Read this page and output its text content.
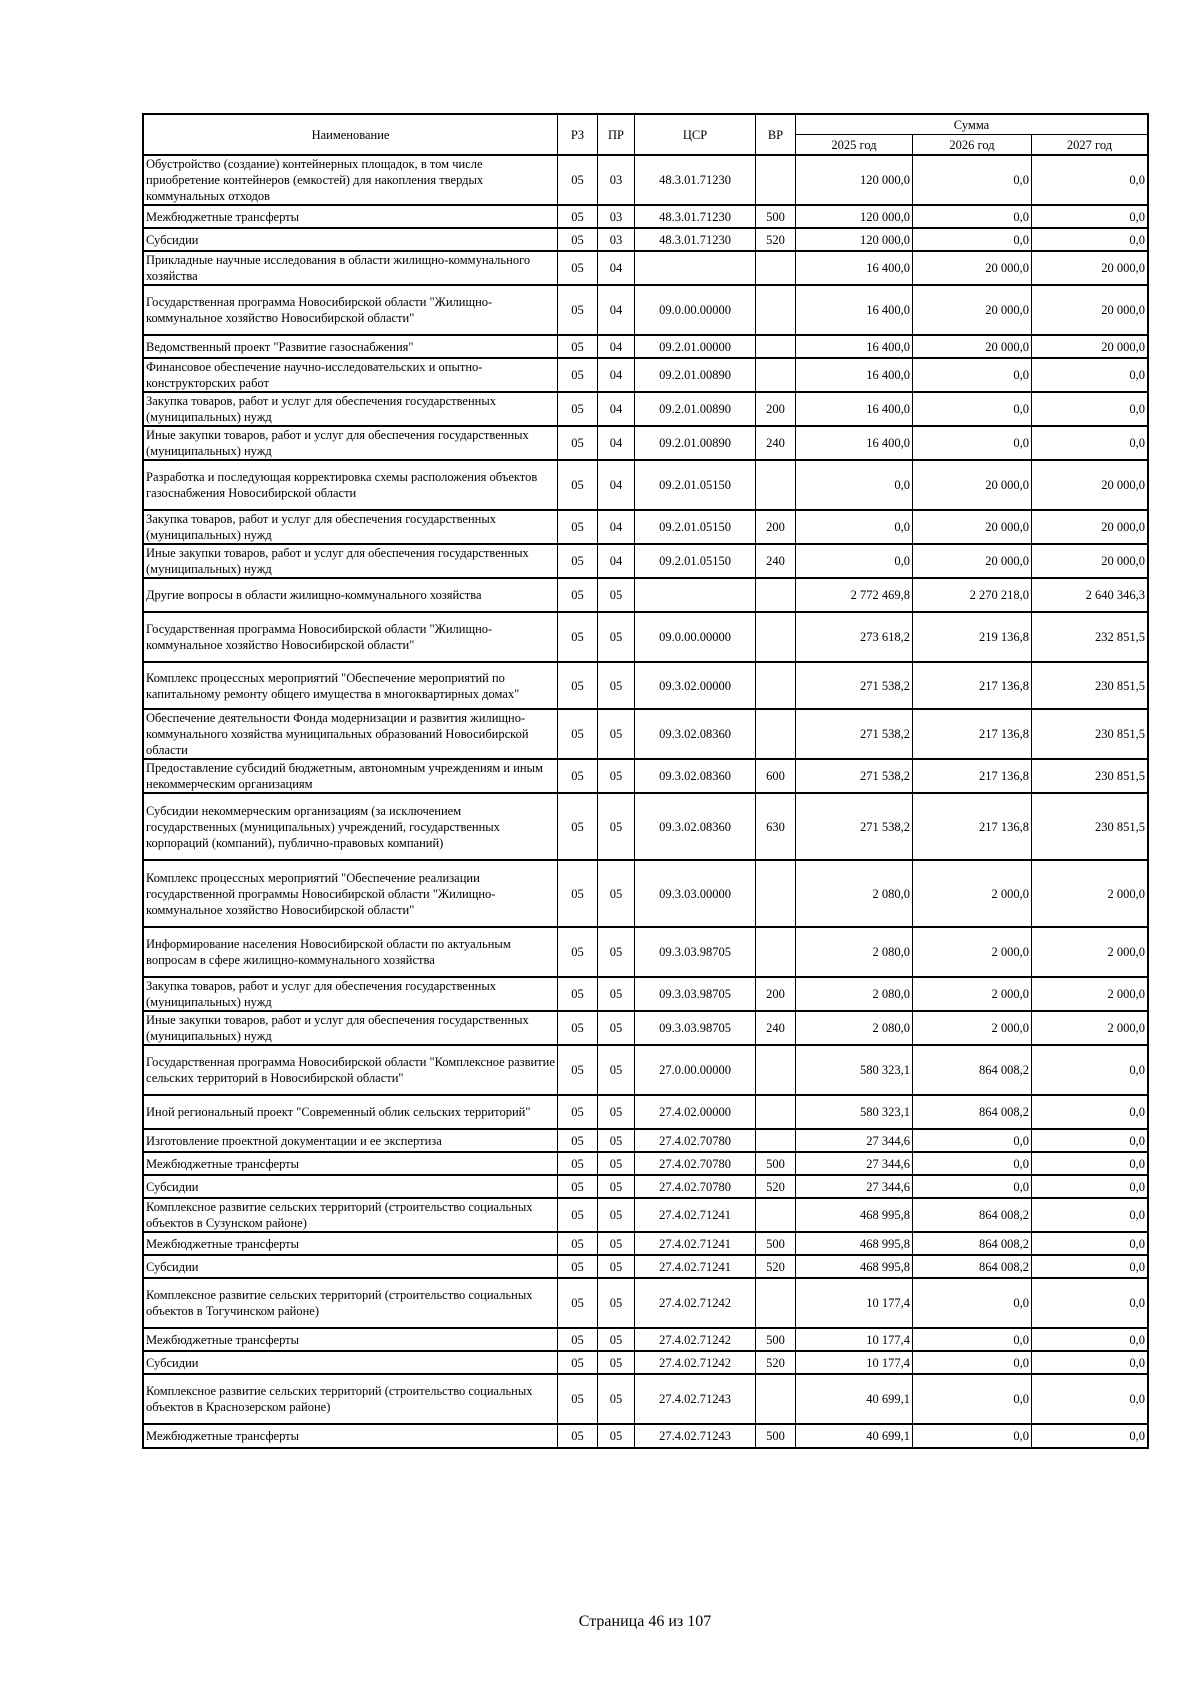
Наименование	РЗ	ПР	ЦСР	ВР	Сумма		
					2025 год	2026 год	2027 год
Обустройство (создание) контейнерных площадок, в том числе приобретение контейнеров (емкостей) для накопления твердых коммунальных отходов	05	03	48.3.01.71230		120 000,0	0,0	0,0
Межбюджетные трансферты	05	03	48.3.01.71230	500	120 000,0	0,0	0,0
Субсидии	05	03	48.3.01.71230	520	120 000,0	0,0	0,0
Прикладные научные исследования в области жилищно-коммунального хозяйства	05	04			16 400,0	20 000,0	20 000,0
Государственная программа Новосибирской области "Жилищно-коммунальное хозяйство Новосибирской области"	05	04	09.0.00.00000		16 400,0	20 000,0	20 000,0
Ведомственный проект "Развитие газоснабжения"	05	04	09.2.01.00000		16 400,0	20 000,0	20 000,0
Финансовое обеспечение научно-исследовательских и опытно-конструкторских работ	05	04	09.2.01.00890		16 400,0	0,0	0,0
Закупка товаров, работ и услуг для обеспечения государственных (муниципальных) нужд	05	04	09.2.01.00890	200	16 400,0	0,0	0,0
Иные закупки товаров, работ и услуг для обеспечения государственных (муниципальных) нужд	05	04	09.2.01.00890	240	16 400,0	0,0	0,0
Разработка и последующая корректировка схемы расположения объектов газоснабжения Новосибирской области	05	04	09.2.01.05150		0,0	20 000,0	20 000,0
Закупка товаров, работ и услуг для обеспечения государственных (муниципальных) нужд	05	04	09.2.01.05150	200	0,0	20 000,0	20 000,0
Иные закупки товаров, работ и услуг для обеспечения государственных (муниципальных) нужд	05	04	09.2.01.05150	240	0,0	20 000,0	20 000,0
Другие вопросы в области жилищно-коммунального хозяйства	05	05			2 772 469,8	2 270 218,0	2 640 346,3
Государственная программа Новосибирской области "Жилищно-коммунальное хозяйство Новосибирской области"	05	05	09.0.00.00000		273 618,2	219 136,8	232 851,5
Комплекс процессных мероприятий "Обеспечение мероприятий по капитальному ремонту общего имущества в многоквартирных домах"	05	05	09.3.02.00000		271 538,2	217 136,8	230 851,5
Обеспечение деятельности Фонда модернизации и развития жилищно-коммунального хозяйства муниципальных образований Новосибирской области	05	05	09.3.02.08360		271 538,2	217 136,8	230 851,5
Предоставление субсидий бюджетным, автономным учреждениям и иным некоммерческим организациям	05	05	09.3.02.08360	600	271 538,2	217 136,8	230 851,5
Субсидии некоммерческим организациям (за исключением государственных (муниципальных) учреждений, государственных корпораций (компаний), публично-правовых компаний)	05	05	09.3.02.08360	630	271 538,2	217 136,8	230 851,5
Комплекс процессных мероприятий "Обеспечение реализации государственной программы Новосибирской области "Жилищно-коммунальное хозяйство Новосибирской области"	05	05	09.3.03.00000		2 080,0	2 000,0	2 000,0
Информирование населения Новосибирской области по актуальным вопросам в сфере жилищно-коммунального хозяйства	05	05	09.3.03.98705		2 080,0	2 000,0	2 000,0
Закупка товаров, работ и услуг для обеспечения государственных (муниципальных) нужд	05	05	09.3.03.98705	200	2 080,0	2 000,0	2 000,0
Иные закупки товаров, работ и услуг для обеспечения государственных (муниципальных) нужд	05	05	09.3.03.98705	240	2 080,0	2 000,0	2 000,0
Государственная программа Новосибирской области "Комплексное развитие сельских территорий в Новосибирской области"	05	05	27.0.00.00000		580 323,1	864 008,2	0,0
Иной региональный проект "Современный облик сельских территорий"	05	05	27.4.02.00000		580 323,1	864 008,2	0,0
Изготовление проектной документации и ее экспертиза	05	05	27.4.02.70780		27 344,6	0,0	0,0
Межбюджетные трансферты	05	05	27.4.02.70780	500	27 344,6	0,0	0,0
Субсидии	05	05	27.4.02.70780	520	27 344,6	0,0	0,0
Комплексное развитие сельских территорий (строительство социальных объектов в Сузунском районе)	05	05	27.4.02.71241		468 995,8	864 008,2	0,0
Межбюджетные трансферты	05	05	27.4.02.71241	500	468 995,8	864 008,2	0,0
Субсидии	05	05	27.4.02.71241	520	468 995,8	864 008,2	0,0
Комплексное развитие сельских территорий (строительство социальных объектов в Тогучинском районе)	05	05	27.4.02.71242		10 177,4	0,0	0,0
Межбюджетные трансферты	05	05	27.4.02.71242	500	10 177,4	0,0	0,0
Субсидии	05	05	27.4.02.71242	520	10 177,4	0,0	0,0
Комплексное развитие сельских территорий (строительство социальных объектов в Краснозерском районе)	05	05	27.4.02.71243		40 699,1	0,0	0,0
Межбюджетные трансферты	05	05	27.4.02.71243	500	40 699,1	0,0	0,0
Страница 46 из 107
